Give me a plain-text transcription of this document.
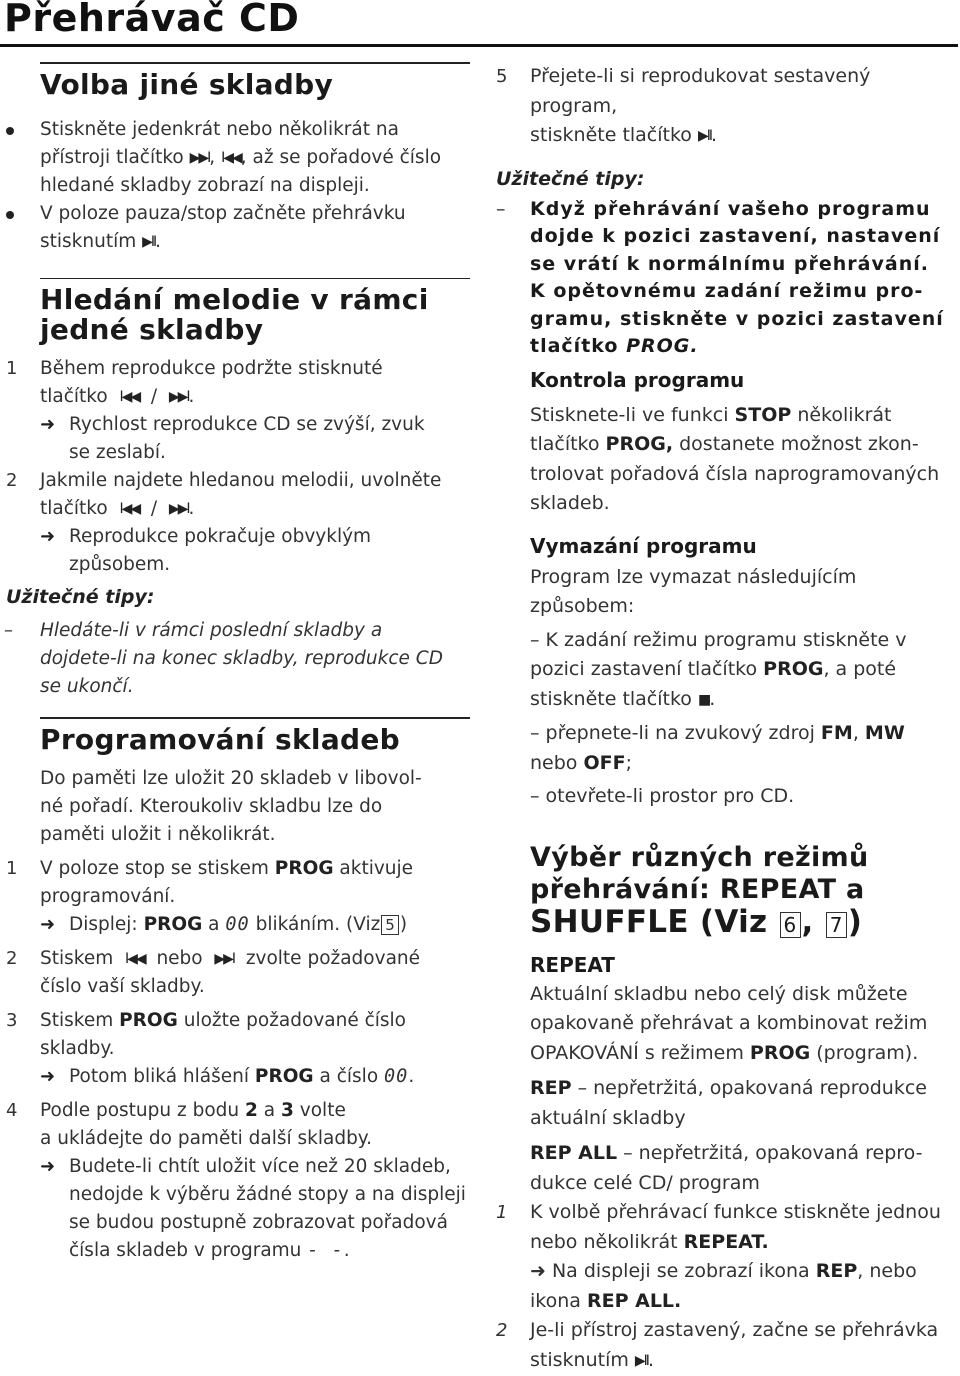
Přehrávač CD
Volba jiné skladby
Stiskněte jedenkrát nebo několikrát na
přístroji tlačítko ▶▶I, I◀◀, až se pořadové číslo
hledané skladby zobrazí na displeji.
V poloze pauza/stop začněte přehrávku
stisknutím ▶II.
Hledání melodie v rámci
jedné skladby
1 Během reprodukce podržte stisknuté
tlačítko I◀◀ / ▶▶I.
➜ Rychlost reprodukce CD se zvýší, zvuk
se zeslabí.
2 Jakmile najdete hledanou melodii, uvolněte
tlačítko I◀◀ / ▶▶I.
➜ Reprodukce pokračuje obvyklým
způsobem.
Užitečné tipy:
– Hledáte-li v rámci poslední skladby a
dojdete-li na konec skladby, reprodukce CD
se ukončí.
Programování skladeb
Do paměti lze uložit 20 skladeb v libovol-
né pořadí. Kteroukoliv skladbu lze do
paměti uložit i několikrát.
1 V poloze stop se stiskem PROG aktivuje
programování.
➜ Displej: PROG a 00 blikáním. (Viz 5 )
2 Stiskem I◀◀ nebo ▶▶I zvolte požadované
číslo vaší skladby.
3 Stiskem PROG uložte požadované číslo
skladby.
➜ Potom bliká hlášení PROG a číslo 00.
4 Podle postupu z bodu 2 a 3 volte
a ukládejte do paměti další skladby.
➜ Budete-li chtít uložit více než 20 skladeb,
nedojde k výběru žádné stopy a na displeji
se budou postupně zobrazovat pořadová
čísla skladeb v programu - -.
5 Přejete-li si reprodukovat sestavený program,
stiskněte tlačítko ▶II.
Užitečné tipy:
– Když přehrávání vašeho programu
dojde k pozici zastavení, nastavení
se vrátí k normálnímu přehrávání.
K opětovnému zadání režimu pro-
gramu, stiskněte v pozici zastavení
tlačítko PROG.
Kontrola programu
Stisknete-li ve funkci STOP několikrát
tlačítko PROG, dostanete možnost zkon-
trolovat pořadová čísla naprogramovaných
skladeb.
Vymazání programu
Program lze vymazat následujícím způsobem:
– K zadání režimu programu stiskněte v
pozici zastavení tlačítko PROG, a poté
stiskněte tlačítko ■.
– přepnete-li na zvukový zdroj FM, MW
nebo OFF;
– otevřete-li prostor pro CD.
Výběr různých režimů
přehrávání: REPEAT a
SHUFFLE (Viz 6 , 7 )
REPEAT
Aktuální skladbu nebo celý disk můžete
opakovaně přehrávat a kombinovat režim
OPAKOVÁNÍ s režimem PROG (program).
REP – nepřetržitá, opakovaná reprodukce
aktuální skladby
REP ALL – nepřetržitá, opakovaná repro-
dukce celé CD/ program
1 K volbě přehrávací funkce stiskněte jednou
nebo několikrát REPEAT.
➜ Na displeji se zobrazí ikona REP, nebo
ikona REP ALL.
2 Je-li přístroj zastavený, začne se přehrávka
stisknutím ▶II.
